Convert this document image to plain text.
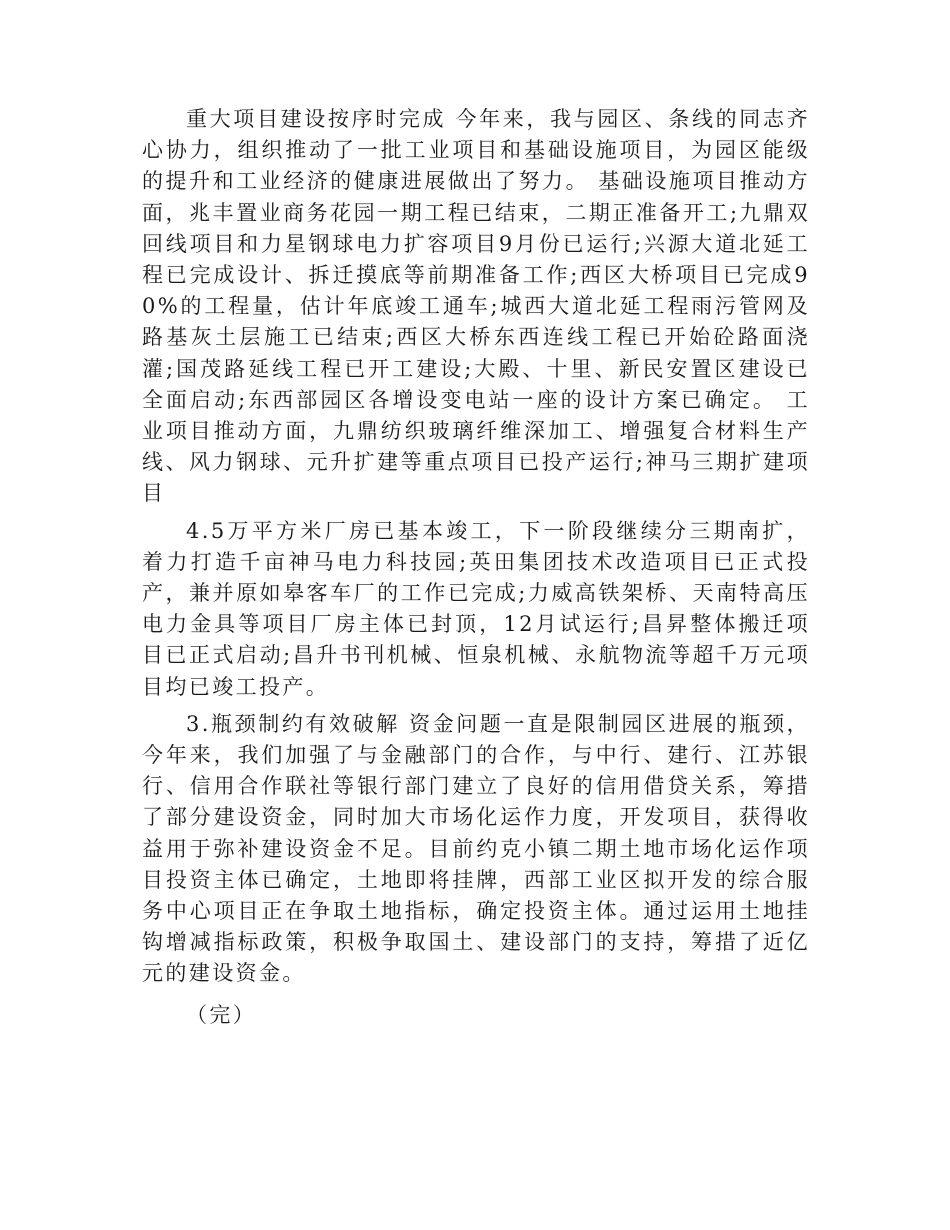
重大项目建设按序时完成 今年来，我与园区、条线的同志齐心协力，组织推动了一批工业项目和基础设施项目，为园区能级的提升和工业经济的健康进展做出了努力。 基础设施项目推动方面，兆丰置业商务花园一期工程已结束，二期正准备开工;九鼎双回线项目和力星钢球电力扩容项目9月份已运行;兴源大道北延工程已完成设计、拆迁摸底等前期准备工作;西区大桥项目已完成90%的工程量，估计年底竣工通车;城西大道北延工程雨污管网及路基灰土层施工已结束;西区大桥东西连线工程已开始砼路面浇灌;国茂路延线工程已开工建设;大殿、十里、新民安置区建设已全面启动;东西部园区各增设变电站一座的设计方案已确定。 工业项目推动方面，九鼎纺织玻璃纤维深加工、增强复合材料生产线、风力钢球、元升扩建等重点项目已投产运行;神马三期扩建项目

4.5万平方米厂房已基本竣工，下一阶段继续分三期南扩，着力打造千亩神马电力科技园;英田集团技术改造项目已正式投产，兼并原如皋客车厂的工作已完成;力威高铁架桥、天南特高压电力金具等项目厂房主体已封顶，12月试运行;昌昇整体搬迁项目已正式启动;昌升书刊机械、恒泉机械、永航物流等超千万元项目均已竣工投产。

3.瓶颈制约有效破解 资金问题一直是限制园区进展的瓶颈，今年来，我们加强了与金融部门的合作，与中行、建行、江苏银行、信用合作联社等银行部门建立了良好的信用借贷关系，筹措了部分建设资金，同时加大市场化运作力度，开发项目，获得收益用于弥补建设资金不足。目前约克小镇二期土地市场化运作项目投资主体已确定，土地即将挂牌，西部工业区拟开发的综合服务中心项目正在争取土地指标，确定投资主体。通过运用土地挂钩增减指标政策，积极争取国土、建设部门的支持，筹措了近亿元的建设资金。

（完）
